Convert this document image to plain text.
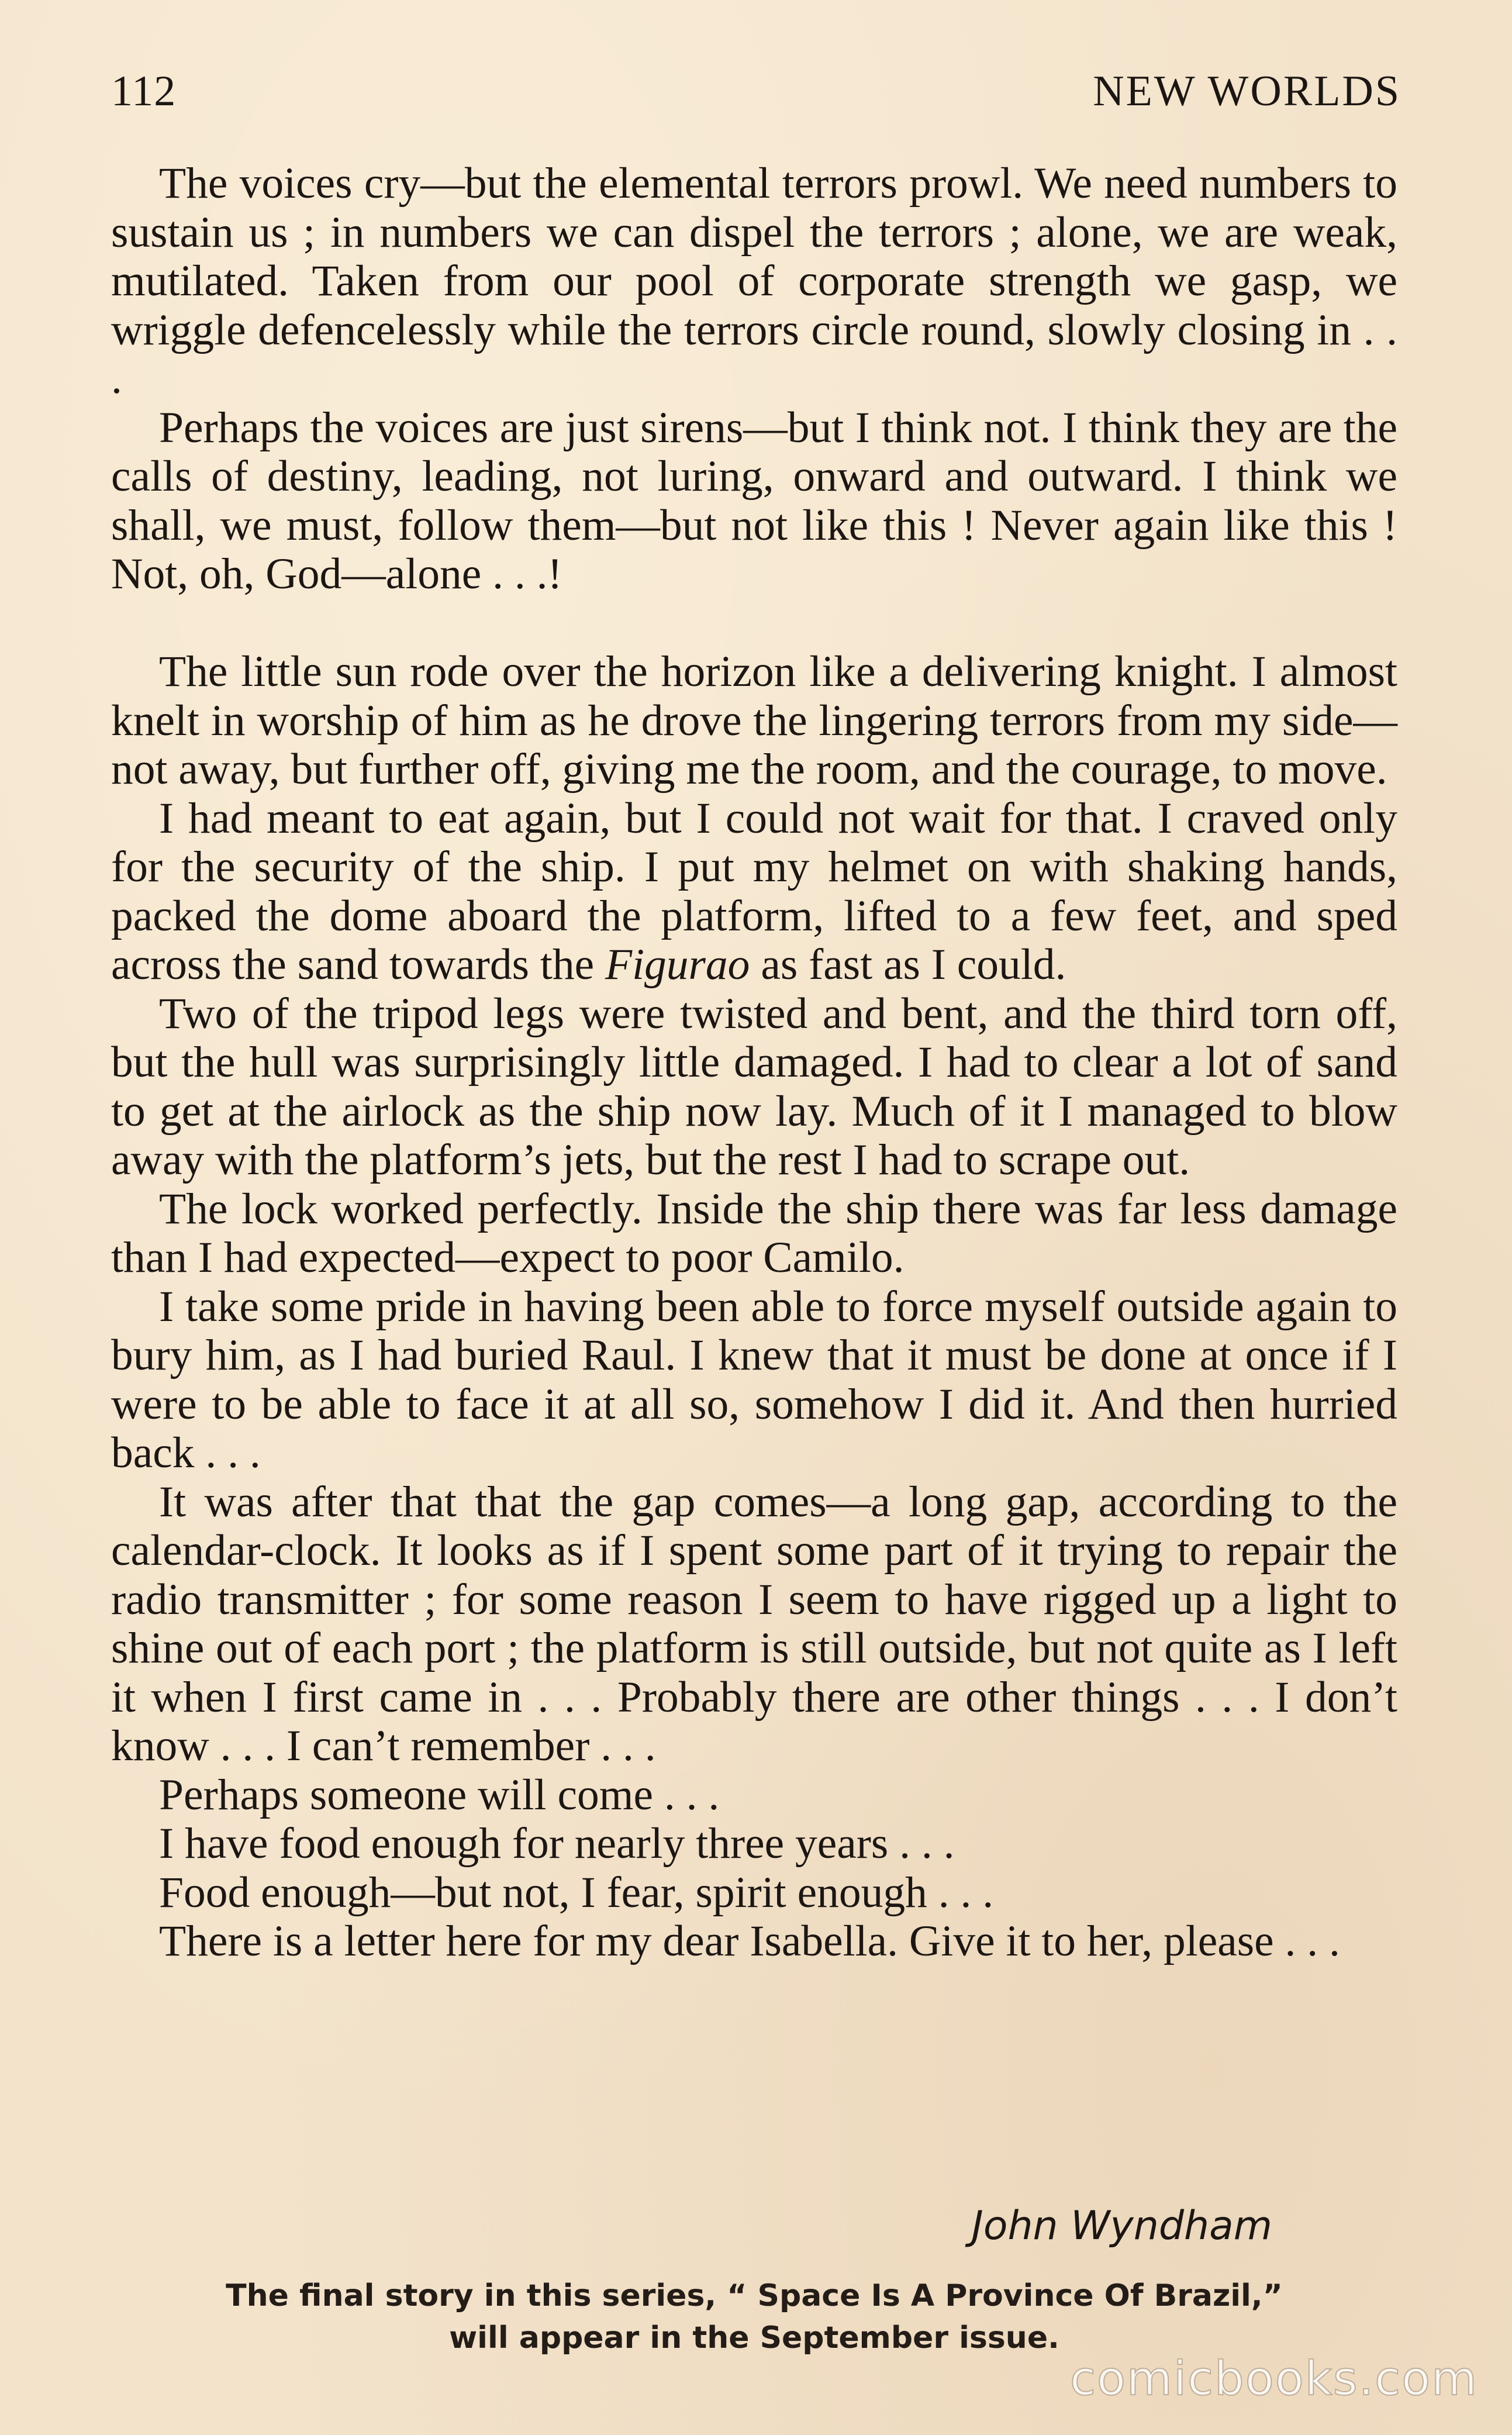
112	NEW WORLDS

The voices cry—but the elemental terrors prowl. We need numbers to sustain us ; in numbers we can dispel the terrors ; alone, we are weak, mutilated. Taken from our pool of corporate strength we gasp, we wriggle defencelessly while the terrors circle round, slowly closing in . . .

Perhaps the voices are just sirens—but I think not. I think they are the calls of destiny, leading, not luring, onward and outward. I think we shall, we must, follow them—but not like this ! Never again like this ! Not, oh, God—alone . . .!

The little sun rode over the horizon like a delivering knight. I almost knelt in worship of him as he drove the lingering terrors from my side—not away, but further off, giving me the room, and the courage, to move.

I had meant to eat again, but I could not wait for that. I craved only for the security of the ship. I put my helmet on with shaking hands, packed the dome aboard the platform, lifted to a few feet, and sped across the sand towards the Figurao as fast as I could.

Two of the tripod legs were twisted and bent, and the third torn off, but the hull was surprisingly little damaged. I had to clear a lot of sand to get at the airlock as the ship now lay. Much of it I managed to blow away with the platform’s jets, but the rest I had to scrape out.

The lock worked perfectly. Inside the ship there was far less damage than I had expected—expect to poor Camilo.

I take some pride in having been able to force myself outside again to bury him, as I had buried Raul. I knew that it must be done at once if I were to be able to face it at all so, somehow I did it. And then hurried back . . .

It was after that that the gap comes—a long gap, according to the calendar-clock. It looks as if I spent some part of it trying to repair the radio transmitter ; for some reason I seem to have rigged up a light to shine out of each port ; the platform is still outside, but not quite as I left it when I first came in . . . Probably there are other things . . . I don’t know . . . I can’t remember . . .

Perhaps someone will come . . .

I have food enough for nearly three years . . .

Food enough—but not, I fear, spirit enough . . .

There is a letter here for my dear Isabella. Give it to her, please . . .

John Wyndham
The final story in this series, “ Space Is A Province Of Brazil,”
will appear in the September issue.
comicbooks.com
